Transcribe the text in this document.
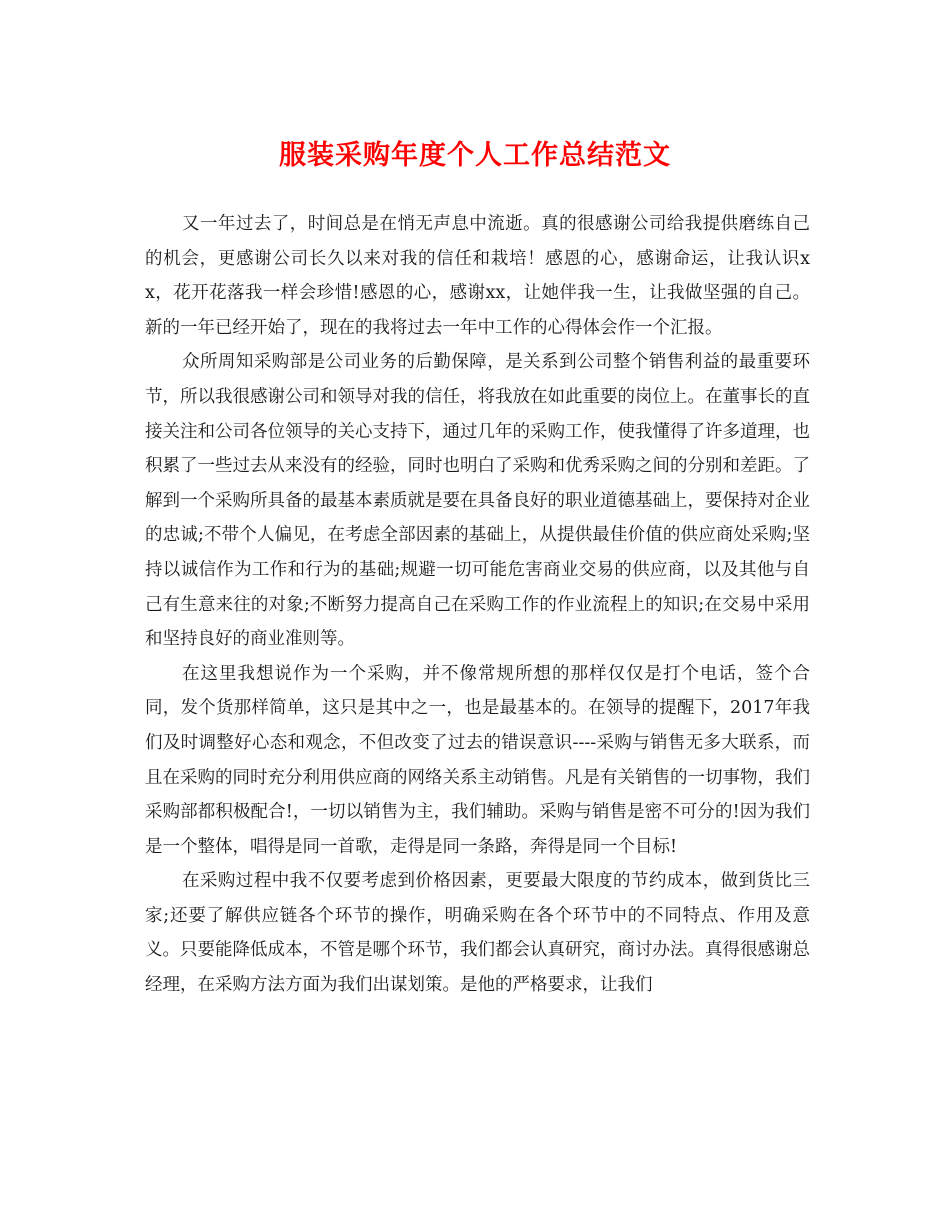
服装采购年度个人工作总结范文

又一年过去了，时间总是在悄无声息中流逝。真的很感谢公司给我提供磨练自己的机会，更感谢公司长久以来对我的信任和栽培！感恩的心，感谢命运，让我认识xx，花开花落我一样会珍惜!感恩的心，感谢xx，让她伴我一生，让我做坚强的自己。新的一年已经开始了，现在的我将过去一年中工作的心得体会作一个汇报。

众所周知采购部是公司业务的后勤保障，是关系到公司整个销售利益的最重要环节，所以我很感谢公司和领导对我的信任，将我放在如此重要的岗位上。在董事长的直接关注和公司各位领导的关心支持下，通过几年的采购工作，使我懂得了许多道理，也积累了一些过去从来没有的经验，同时也明白了采购和优秀采购之间的分别和差距。了解到一个采购所具备的最基本素质就是要在具备良好的职业道德基础上，要保持对企业的忠诚;不带个人偏见，在考虑全部因素的基础上，从提供最佳价值的供应商处采购;坚持以诚信作为工作和行为的基础;规避一切可能危害商业交易的供应商，以及其他与自己有生意来往的对象;不断努力提高自己在采购工作的作业流程上的知识;在交易中采用和坚持良好的商业准则等。

在这里我想说作为一个采购，并不像常规所想的那样仅仅是打个电话，签个合同，发个货那样简单，这只是其中之一，也是最基本的。在领导的提醒下，2017年我们及时调整好心态和观念，不但改变了过去的错误意识----采购与销售无多大联系，而且在采购的同时充分利用供应商的网络关系主动销售。凡是有关销售的一切事物，我们采购部都积极配合!，一切以销售为主，我们辅助。采购与销售是密不可分的!因为我们是一个整体，唱得是同一首歌，走得是同一条路，奔得是同一个目标!

在采购过程中我不仅要考虑到价格因素，更要最大限度的节约成本，做到货比三家;还要了解供应链各个环节的操作，明确采购在各个环节中的不同特点、作用及意义。只要能降低成本，不管是哪个环节，我们都会认真研究，商讨办法。真得很感谢总经理，在采购方法方面为我们出谋划策。是他的严格要求，让我们
